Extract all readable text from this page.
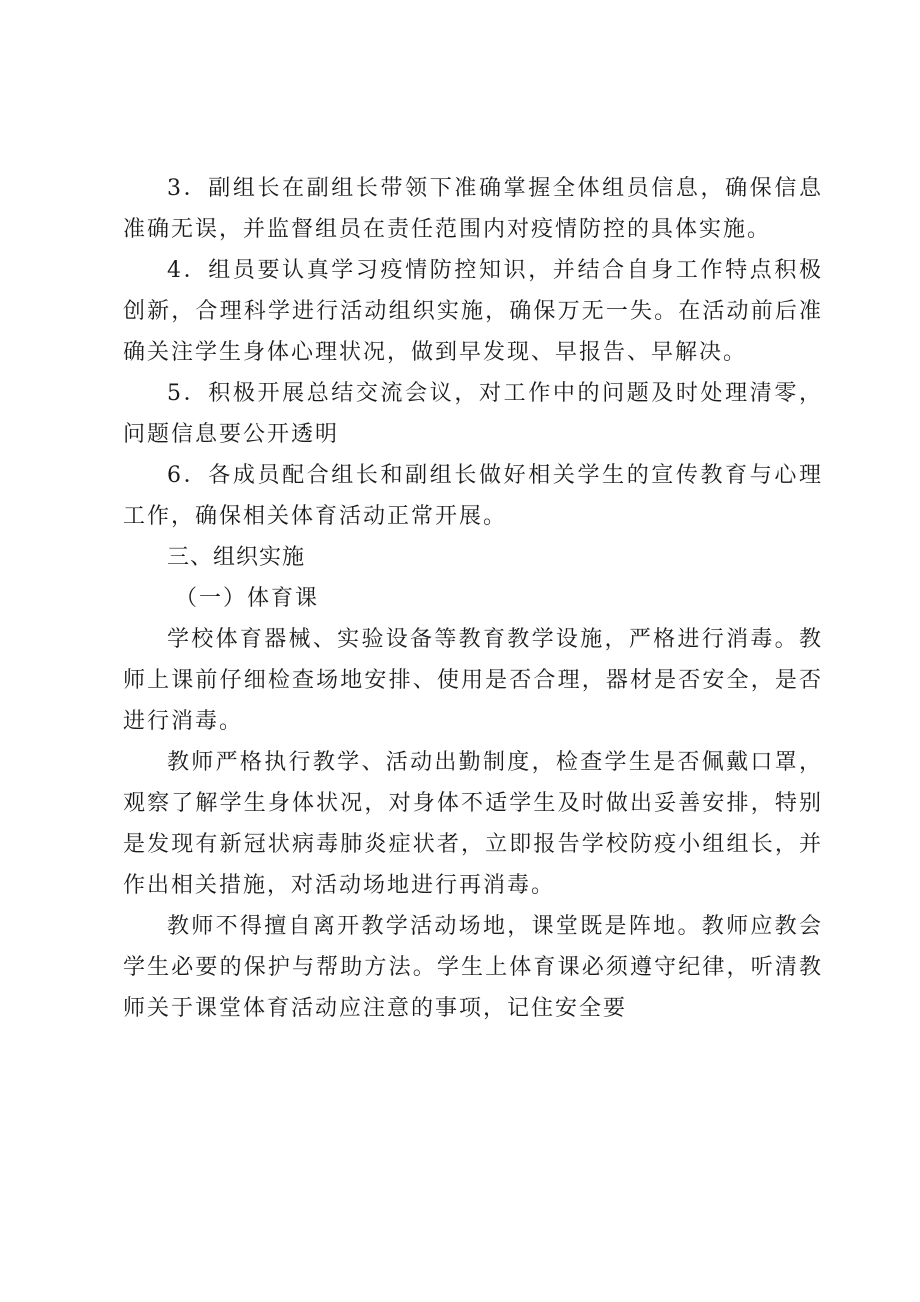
3．副组长在副组长带领下准确掌握全体组员信息，确保信息准确无误，并监督组员在责任范围内对疫情防控的具体实施。

4．组员要认真学习疫情防控知识，并结合自身工作特点积极创新，合理科学进行活动组织实施，确保万无一失。在活动前后准确关注学生身体心理状况，做到早发现、早报告、早解决。

5．积极开展总结交流会议，对工作中的问题及时处理清零，问题信息要公开透明

6．各成员配合组长和副组长做好相关学生的宣传教育与心理工作，确保相关体育活动正常开展。

三、组织实施

（一）体育课

学校体育器械、实验设备等教育教学设施，严格进行消毒。教师上课前仔细检查场地安排、使用是否合理，器材是否安全，是否进行消毒。

教师严格执行教学、活动出勤制度，检查学生是否佩戴口罩，观察了解学生身体状况，对身体不适学生及时做出妥善安排，特别是发现有新冠状病毒肺炎症状者，立即报告学校防疫小组组长，并作出相关措施，对活动场地进行再消毒。

教师不得擅自离开教学活动场地，课堂既是阵地。教师应教会学生必要的保护与帮助方法。学生上体育课必须遵守纪律，听清教师关于课堂体育活动应注意的事项，记住安全要
